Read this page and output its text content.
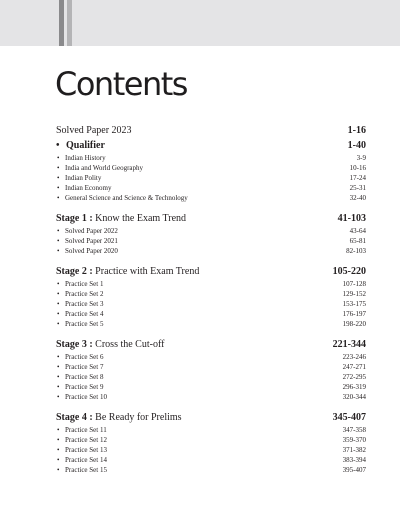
Contents
Solved Paper 2023	1-16
• Qualifier	1-40
• Indian History	3-9
• India and World Geography	10-16
• Indian Polity	17-24
• Indian Economy	25-31
• General Science and Science & Technology	32-40
Stage 1 : Know the Exam Trend	41-103
• Solved Paper 2022	43-64
• Solved Paper 2021	65-81
• Solved Paper 2020	82-103
Stage 2 : Practice with Exam Trend	105-220
• Practice Set 1	107-128
• Practice Set 2	129-152
• Practice Set 3	153-175
• Practice Set 4	176-197
• Practice Set 5	198-220
Stage 3 : Cross the Cut-off	221-344
• Practice Set 6	223-246
• Practice Set 7	247-271
• Practice Set 8	272-295
• Practice Set 9	296-319
• Practice Set 10	320-344
Stage 4 : Be Ready for Prelims	345-407
• Practice Set 11	347-358
• Practice Set 12	359-370
• Practice Set 13	371-382
• Practice Set 14	383-394
• Practice Set 15	395-407
